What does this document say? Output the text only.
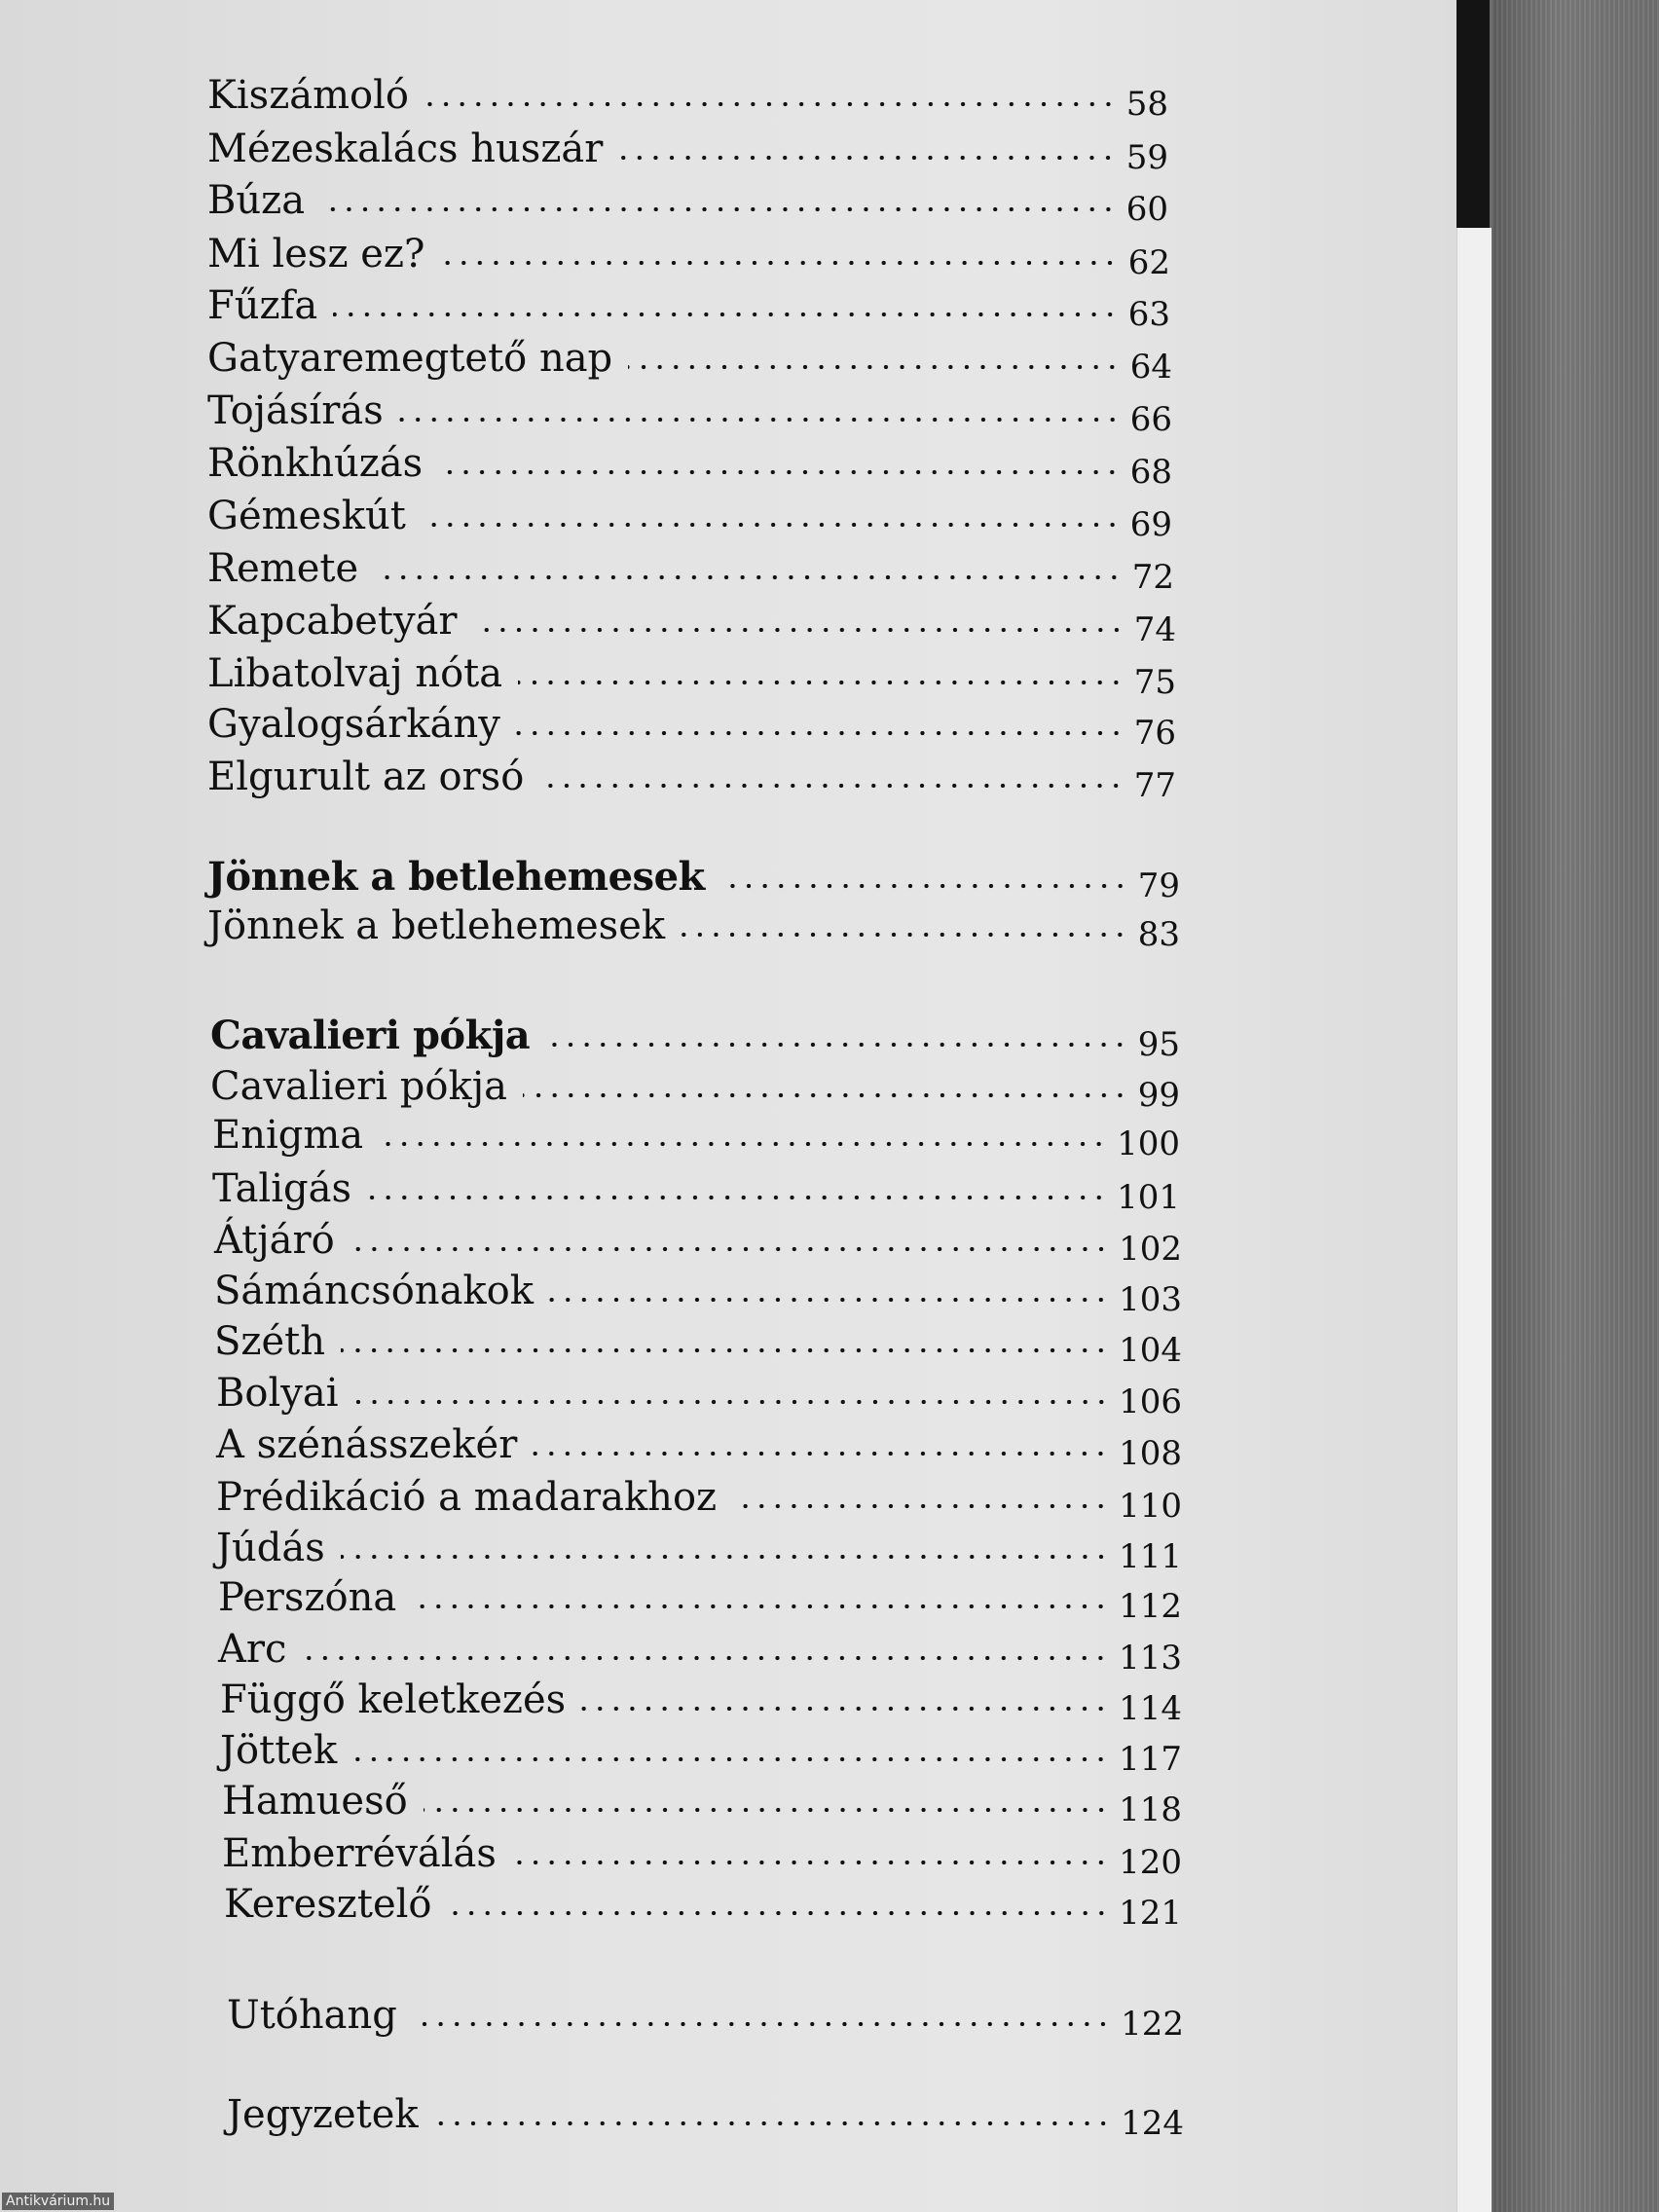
Kiszámoló	58
Mézeskalács huszár	59
Búza	60
Mi lesz ez?	62
Fűzfa	63
Gatyaremegtető nap	64
Tojásírás	66
Rönkhúzás	68
Gémeskút	69
Remete	72
Kapcabetyár	74
Libatolvaj nóta	75
Gyalogsárkány	76
Elgurult az orsó	77
Jönnek a betlehemesek	79
Jönnek a betlehemesek	83
Cavalieri pókja	95
Cavalieri pókja	99
Enigma	100
Taligás	101
Átjáró	102
Sámáncsónakok	103
Széth	104
Bolyai	106
A szénásszekér	108
Prédikáció a madarakhoz	110
Júdás	111
Perszóna	112
Arc	113
Függő keletkezés	114
Jöttek	117
Hamueső	118
Emberréválás	120
Keresztelő	121
Utóhang	122
Jegyzetek	124
Antikvárium.hu
